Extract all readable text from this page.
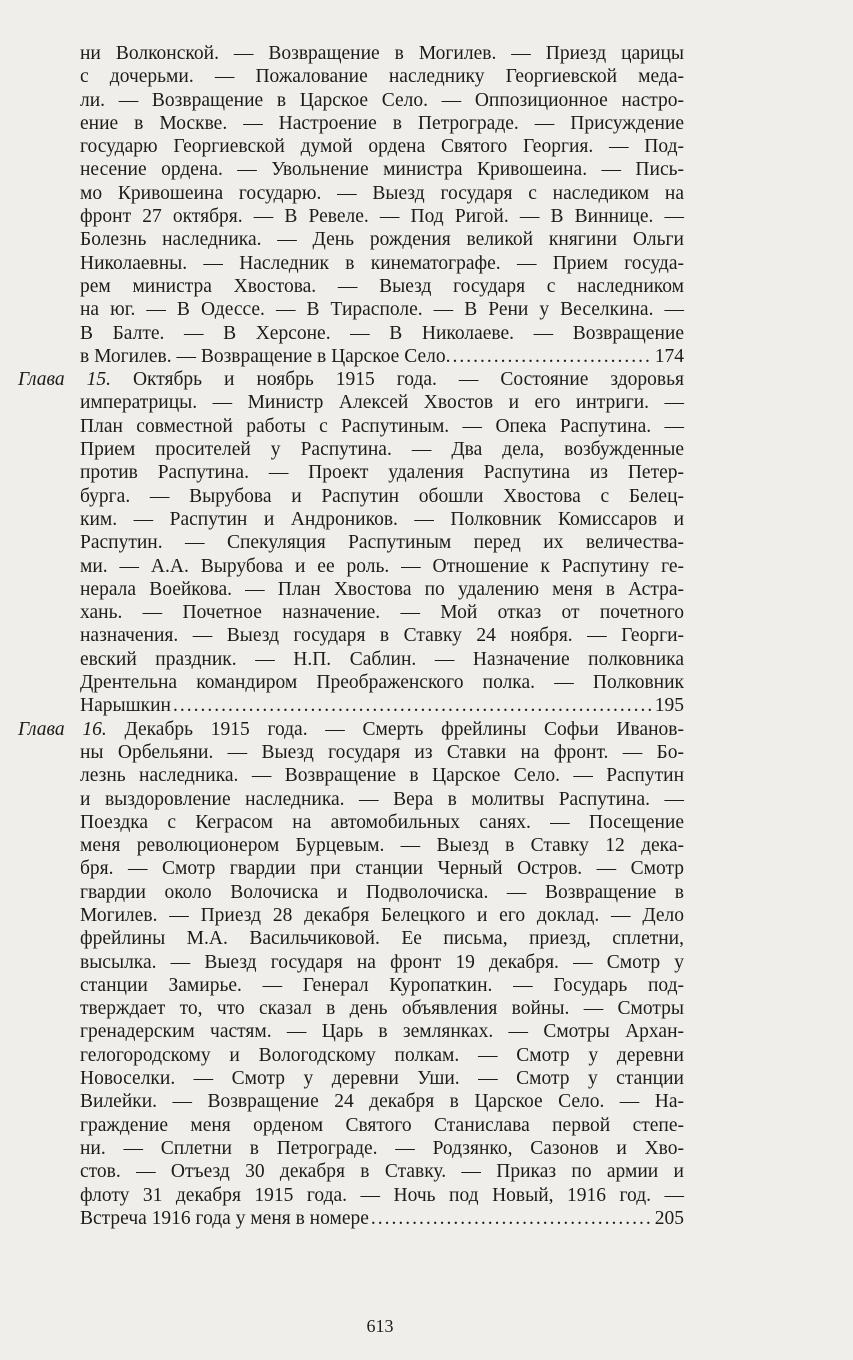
ни Волконской. — Возвращение в Могилев. — Приезд царицы
с дочерьми. — Пожалование наследнику Георгиевской меда-
ли. — Возвращение в Царское Село. — Оппозиционное настро-
ение в Москве. — Настроение в Петрограде. — Присуждение
государю Георгиевской думой ордена Святого Георгия. — Под-
несение ордена. — Увольнение министра Кривошеина. — Пись-
мо Кривошеина государю. — Выезд государя с наследиком на
фронт 27 октября. — В Ревеле. — Под Ригой. — В Виннице. —
Болезнь наследника. — День рождения великой княгини Ольги
Николаевны. — Наследник в кинематографе. — Прием госуда-
рем министра Хвостова. — Выезд государя с наследником
на юг. — В Одессе. — В Тирасполе. — В Рени у Веселкина. —
В Балте. — В Херсоне. — В Николаеве. — Возвращение
в Могилев. — Возвращение в Царское Село. .....	174
Глава 15. Октябрь и ноябрь 1915 года. — Состояние здоровья
императрицы. — Министр Алексей Хвостов и его интриги. —
План совместной работы с Распутиным. — Опека Распутина. —
Прием просителей у Распутина. — Два дела, возбужденные
против Распутина. — Проект удаления Распутина из Петер-
бурга. — Вырубова и Распутин обошли Хвостова с Белец-
ким. — Распутин и Андроников. — Полковник Комиссаров и
Распутин. — Спекуляция Распутиным перед их величества-
ми. — А.А. Вырубова и ее роль. — Отношение к Распутину ге-
нерала Воейкова. — План Хвостова по удалению меня в Астра-
хань. — Почетное назначение. — Мой отказ от почетного
назначения. — Выезд государя в Ставку 24 ноября. — Георги-
евский праздник. — Н.П. Саблин. — Назначение полковника
Дрентельна командиром Преображенского полка. — Полковник
Нарышкин .....	195
Глава 16. Декабрь 1915 года. — Смерть фрейлины Софьи Иванов-
ны Орбельяни. — Выезд государя из Ставки на фронт. — Бо-
лезнь наследника. — Возвращение в Царское Село. — Распутин
и выздоровление наследника. — Вера в молитвы Распутина. —
Поездка с Кеграсом на автомобильных санях. — Посещение
меня революционером Бурцевым. — Выезд в Ставку 12 дека-
бря. — Смотр гвардии при станции Черный Остров. — Смотр
гвардии около Волочиска и Подволочиска. — Возвращение в
Могилев. — Приезд 28 декабря Белецкого и его доклад. — Дело
фрейлины М.А. Васильчиковой. Ее письма, приезд, сплетни,
высылка. — Выезд государя на фронт 19 декабря. — Смотр у
станции Замирье. — Генерал Куропаткин. — Государь под-
тверждает то, что сказал в день объявления войны. — Смотры
гренадерским частям. — Царь в землянках. — Смотры Архан-
гелогородскому и Вологодскому полкам. — Смотр у деревни
Новоселки. — Смотр у деревни Уши. — Смотр у станции
Вилейки. — Возвращение 24 декабря в Царское Село. — На-
граждение меня орденом Святого Станислава первой степе-
ни. — Сплетни в Петрограде. — Родзянко, Сазонов и Хво-
стов. — Отъезд 30 декабря в Ставку. — Приказ по армии и
флоту 31 декабря 1915 года. — Ночь под Новый, 1916 год. —
Встреча 1916 года у меня в номере .....	205
613
